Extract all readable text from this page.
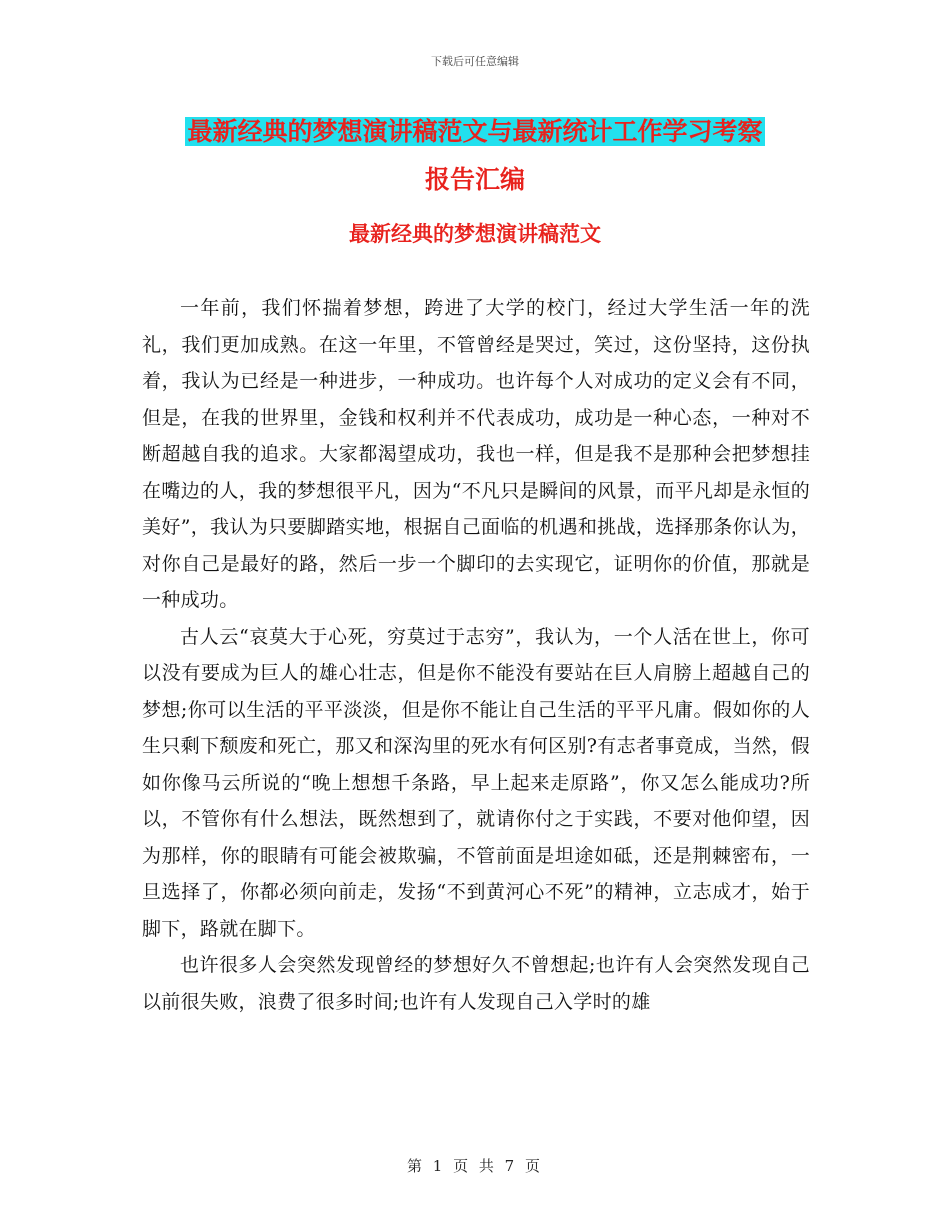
下载后可任意编辑
最新经典的梦想演讲稿范文与最新统计工作学习考察
报告汇编
最新经典的梦想演讲稿范文

一年前，我们怀揣着梦想，跨进了大学的校门，经过大学生活一年的洗礼，我们更加成熟。在这一年里，不管曾经是哭过，笑过，这份坚持，这份执着，我认为已经是一种进步，一种成功。也许每个人对成功的定义会有不同，但是，在我的世界里，金钱和权利并不代表成功，成功是一种心态，一种对不断超越自我的追求。大家都渴望成功，我也一样，但是我不是那种会把梦想挂在嘴边的人，我的梦想很平凡，因为“不凡只是瞬间的风景，而平凡却是永恒的美好”，我认为只要脚踏实地，根据自己面临的机遇和挑战，选择那条你认为，对你自己是最好的路，然后一步一个脚印的去实现它，证明你的价值，那就是一种成功。

古人云“哀莫大于心死，穷莫过于志穷”，我认为，一个人活在世上，你可以没有要成为巨人的雄心壮志，但是你不能没有要站在巨人肩膀上超越自己的梦想;你可以生活的平平淡淡，但是你不能让自己生活的平平凡庸。假如你的人生只剩下颓废和死亡，那又和深沟里的死水有何区别?有志者事竟成，当然，假如你像马云所说的“晚上想想千条路，早上起来走原路”，你又怎么能成功?所以，不管你有什么想法，既然想到了，就请你付之于实践，不要对他仰望，因为那样，你的眼睛有可能会被欺骗，不管前面是坦途如砥，还是荆棘密布，一旦选择了，你都必须向前走，发扬“不到黄河心不死”的精神，立志成才，始于脚下，路就在脚下。

也许很多人会突然发现曾经的梦想好久不曾想起;也许有人会突然发现自己以前很失败，浪费了很多时间;也许有人发现自己入学时的雄

第 1 页 共 7 页
